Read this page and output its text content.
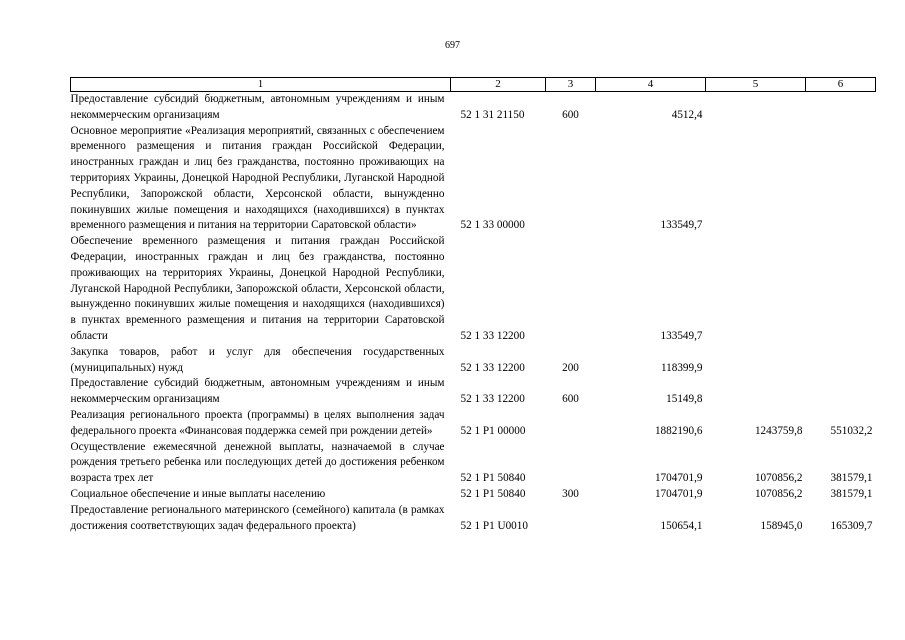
697
1	2	3	4	5	6
Предоставление субсидий бюджетным, автономным учреждениям и иным некоммерческим организациям	52 1 31 21150	600	4512,4		
Основное мероприятие «Реализация мероприятий, связанных с обеспечением временного размещения и питания граждан Российской Федерации, иностранных граждан и лиц без гражданства, постоянно проживающих на территориях Украины, Донецкой Народной Республики, Луганской Народной Республики, Запорожской области, Херсонской области, вынужденно покинувших жилые помещения и находящихся (находившихся) в пунктах временного размещения и питания на территории Саратовской области»	52 1 33 00000		133549,7		
Обеспечение временного размещения и питания граждан Российской Федерации, иностранных граждан и лиц без гражданства, постоянно проживающих на территориях Украины, Донецкой Народной Республики, Луганской Народной Республики, Запорожской области, Херсонской области, вынужденно покинувших жилые помещения и находящихся (находившихся) в пунктах временного размещения и питания на территории Саратовской области	52 1 33 12200		133549,7		
Закупка товаров, работ и услуг для обеспечения государственных (муниципальных) нужд	52 1 33 12200	200	118399,9		
Предоставление субсидий бюджетным, автономным учреждениям и иным некоммерческим организациям	52 1 33 12200	600	15149,8		
Реализация регионального проекта (программы) в целях выполнения задач федерального проекта «Финансовая поддержка семей при рождении детей»	52 1 P1 00000		1882190,6	1243759,8	551032,2
Осуществление ежемесячной денежной выплаты, назначаемой в случае рождения третьего ребенка или последующих детей до достижения ребенком возраста трех лет	52 1 P1 50840		1704701,9	1070856,2	381579,1
Социальное обеспечение и иные выплаты населению	52 1 P1 50840	300	1704701,9	1070856,2	381579,1
Предоставление регионального материнского (семейного) капитала (в рамках достижения соответствующих задач федерального проекта)	52 1 P1 U0010		150654,1	158945,0	165309,7
